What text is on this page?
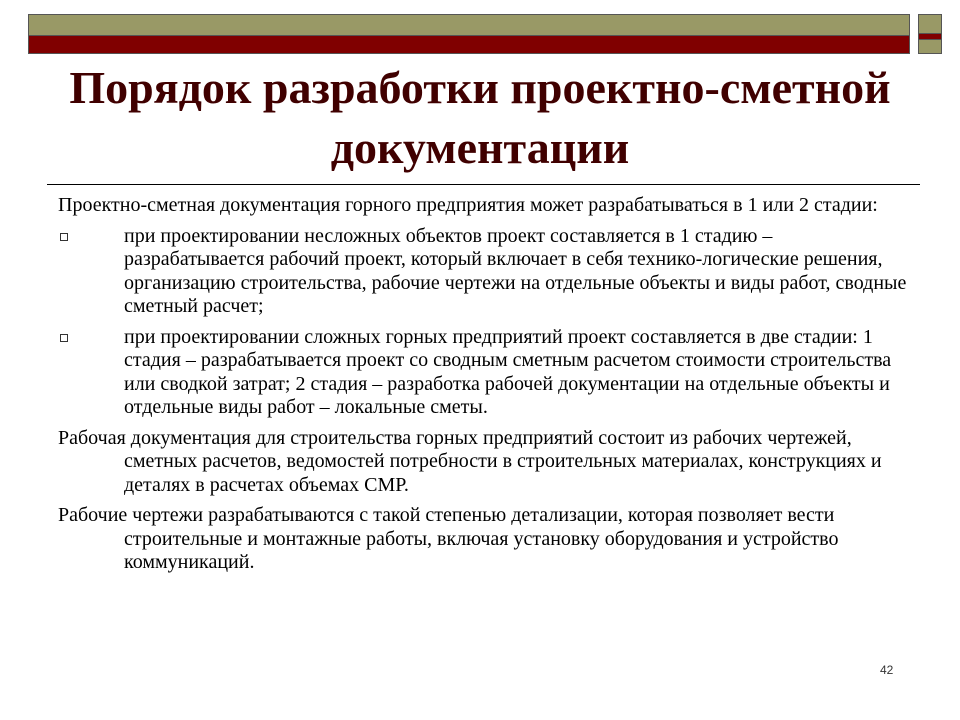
Порядок разработки проектно-сметной документации

Проектно-сметная документация горного предприятия может разрабатываться в 1 или 2 стадии:

при проектировании несложных объектов проект составляется в 1 стадию – разрабатывается рабочий проект, который включает в себя технико-логические решения, организацию строительства, рабочие чертежи на отдельные объекты и виды работ, сводные сметный расчет;
при проектировании сложных горных предприятий проект составляется в две стадии: 1 стадия – разрабатывается проект со сводным сметным расчетом стоимости строительства или сводкой затрат; 2 стадия – разработка рабочей документации на отдельные объекты и отдельные виды работ – локальные сметы.

Рабочая документация для строительства горных предприятий состоит из рабочих чертежей, сметных расчетов, ведомостей потребности в строительных материалах, конструкциях и деталях в расчетах объемах СМР.

Рабочие чертежи разрабатываются с такой степенью детализации, которая позволяет вести строительные и монтажные работы, включая установку оборудования и устройство коммуникаций.

42
